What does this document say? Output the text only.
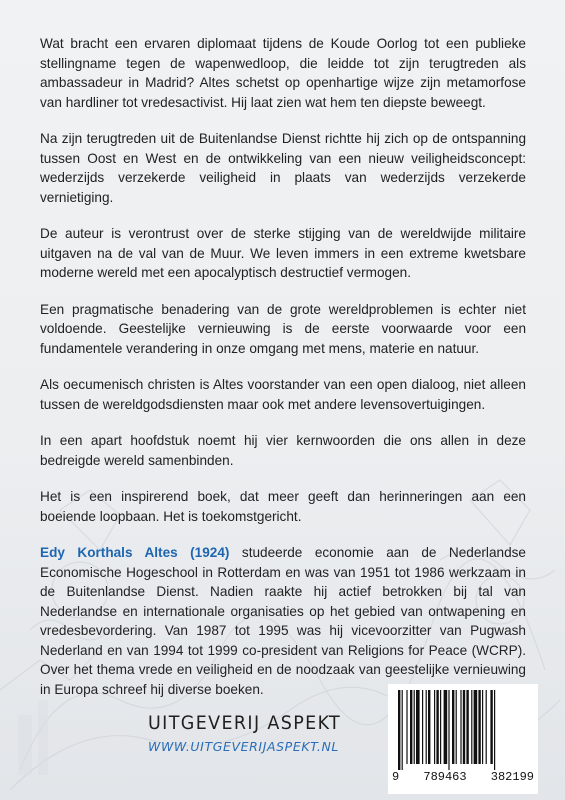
Wat bracht een ervaren diplomaat tijdens de Koude Oorlog tot een publieke stellingname tegen de wapenwedloop, die leidde tot zijn terugtreden als ambassadeur in Madrid? Altes schetst op openhartige wijze zijn metamorfose van hardliner tot vredesactivist. Hij laat zien wat hem ten diepste beweegt.

Na zijn terugtreden uit de Buitenlandse Dienst richtte hij zich op de ontspanning tussen Oost en West en de ontwikkeling van een nieuw veiligheidsconcept: wederzijds verzekerde veiligheid in plaats van wederzijds verzekerde vernietiging.

De auteur is verontrust over de sterke stijging van de wereldwijde militaire uitgaven na de val van de Muur. We leven immers in een extreme kwetsbare moderne wereld met een apocalyptisch destructief vermogen.

Een pragmatische benadering van de grote wereldproblemen is echter niet voldoende. Geestelijke vernieuwing is de eerste voorwaarde voor een fundamentele verandering in onze omgang met mens, materie en natuur.

Als oecumenisch christen is Altes voorstander van een open dialoog, niet alleen tussen de wereldgodsdiensten maar ook met andere levensovertuigingen.

In een apart hoofdstuk noemt hij vier kernwoorden die ons allen in deze bedreigde wereld samenbinden.

Het is een inspirerend boek, dat meer geeft dan herinneringen aan een boeiende loopbaan. Het is toekomstgericht.

Edy Korthals Altes (1924) studeerde economie aan de Nederlandse Economische Hogeschool in Rotterdam en was van 1951 tot 1986 werkzaam in de Buitenlandse Dienst. Nadien raakte hij actief betrokken bij tal van Nederlandse en internationale organisaties op het gebied van ontwapening en vredesbevordering. Van 1987 tot 1995 was hij vicevoorzitter van Pugwash Nederland en van 1994 tot 1999 co-president van Religions for Peace (WCRP). Over het thema vrede en veiligheid en de noodzaak van geestelijke vernieuwing in Europa schreef hij diverse boeken.

UITGEVERIJ ASPEKT
WWW.UITGEVERIJASPEKT.NL
9 789463 382199
